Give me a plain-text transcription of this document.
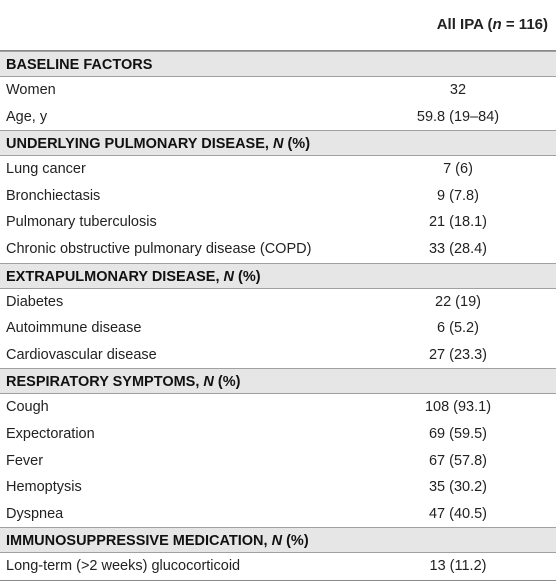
All IPA (n = 116)
BASELINE FACTORS
Women	32
Age, y	59.8 (19–84)
UNDERLYING PULMONARY DISEASE, N (%)
Lung cancer	7 (6)
Bronchiectasis	9 (7.8)
Pulmonary tuberculosis	21 (18.1)
Chronic obstructive pulmonary disease (COPD)	33 (28.4)
EXTRAPULMONARY DISEASE, N (%)
Diabetes	22 (19)
Autoimmune disease	6 (5.2)
Cardiovascular disease	27 (23.3)
RESPIRATORY SYMPTOMS, N (%)
Cough	108 (93.1)
Expectoration	69 (59.5)
Fever	67 (57.8)
Hemoptysis	35 (30.2)
Dyspnea	47 (40.5)
IMMUNOSUPPRESSIVE MEDICATION, N (%)
Long-term (>2 weeks) glucocorticoid	13 (11.2)
